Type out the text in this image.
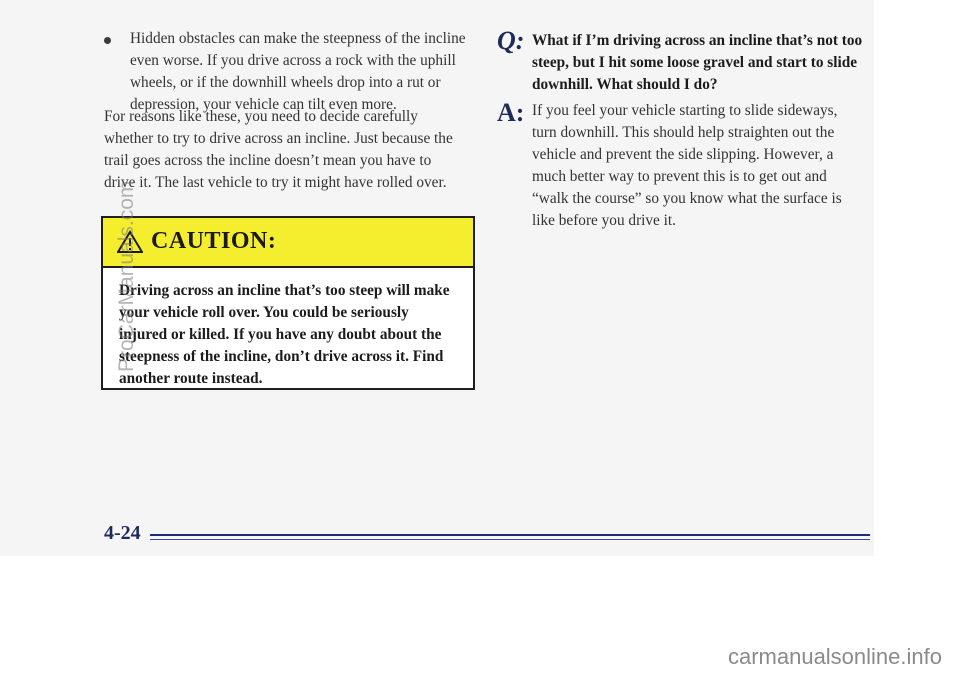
Hidden obstacles can make the steepness of the incline even worse. If you drive across a rock with the uphill wheels, or if the downhill wheels drop into a rut or depression, your vehicle can tilt even more.
For reasons like these, you need to decide carefully whether to try to drive across an incline. Just because the trail goes across the incline doesn’t mean you have to drive it. The last vehicle to try it might have rolled over.
CAUTION:
Driving across an incline that’s too steep will make your vehicle roll over. You could be seriously injured or killed. If you have any doubt about the steepness of the incline, don’t drive across it. Find another route instead.
Q: What if I’m driving across an incline that’s not too steep, but I hit some loose gravel and start to slide downhill. What should I do?
A: If you feel your vehicle starting to slide sideways, turn downhill. This should help straighten out the vehicle and prevent the side slipping. However, a much better way to prevent this is to get out and “walk the course” so you know what the surface is like before you drive it.
4-24
ProCarManuals.com
carmanualsonline.info
